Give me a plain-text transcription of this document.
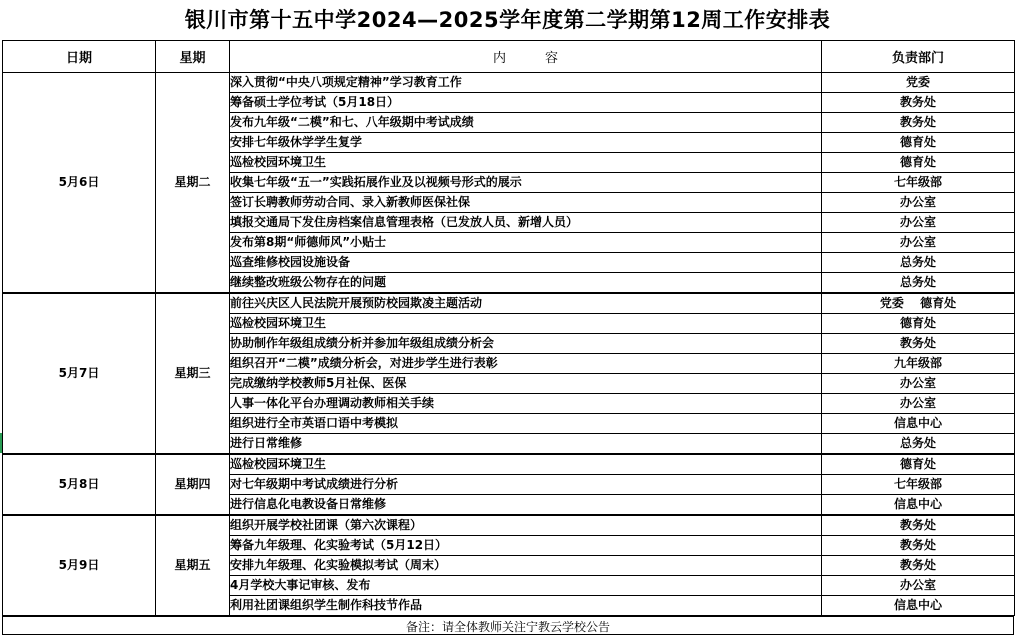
银川市第十五中学2024—2025学年度第二学期第12周工作安排表
日期	星期	内　　　容	负责部门
5月6日	星期二	深入贯彻“中央八项规定精神”学习教育工作	党委
		筹备硕士学位考试（5月18日）	教务处
		发布九年级“二模”和七、八年级期中考试成绩	教务处
		安排七年级休学学生复学	德育处
		巡检校园环境卫生	德育处
		收集七年级“五一”实践拓展作业及以视频号形式的展示	七年级部
		签订长聘教师劳动合同、录入新教师医保社保	办公室
		填报交通局下发住房档案信息管理表格（已发放人员、新增人员）	办公室
		发布第8期“师德师风”小贴士	办公室
		巡查维修校园设施设备	总务处
		继续整改班级公物存在的问题	总务处
5月7日	星期三	前往兴庆区人民法院开展预防校园欺凌主题活动	党委　 德育处
		巡检校园环境卫生	德育处
		协助制作年级组成绩分析并参加年级组成绩分析会	教务处
		组织召开“二模”成绩分析会，对进步学生进行表彰	九年级部
		完成缴纳学校教师5月社保、医保	办公室
		人事一体化平台办理调动教师相关手续	办公室
		组织进行全市英语口语中考模拟	信息中心
		进行日常维修	总务处
5月8日	星期四	巡检校园环境卫生	德育处
		对七年级期中考试成绩进行分析	七年级部
		进行信息化电教设备日常维修	信息中心
5月9日	星期五	组织开展学校社团课（第六次课程）	教务处
		筹备九年级理、化实验考试（5月12日）	教务处
		安排九年级理、化实验模拟考试（周末）	教务处
		4月学校大事记审核、发布	办公室
		利用社团课组织学生制作科技节作品	信息中心
备注：请全体教师关注宁教云学校公告
